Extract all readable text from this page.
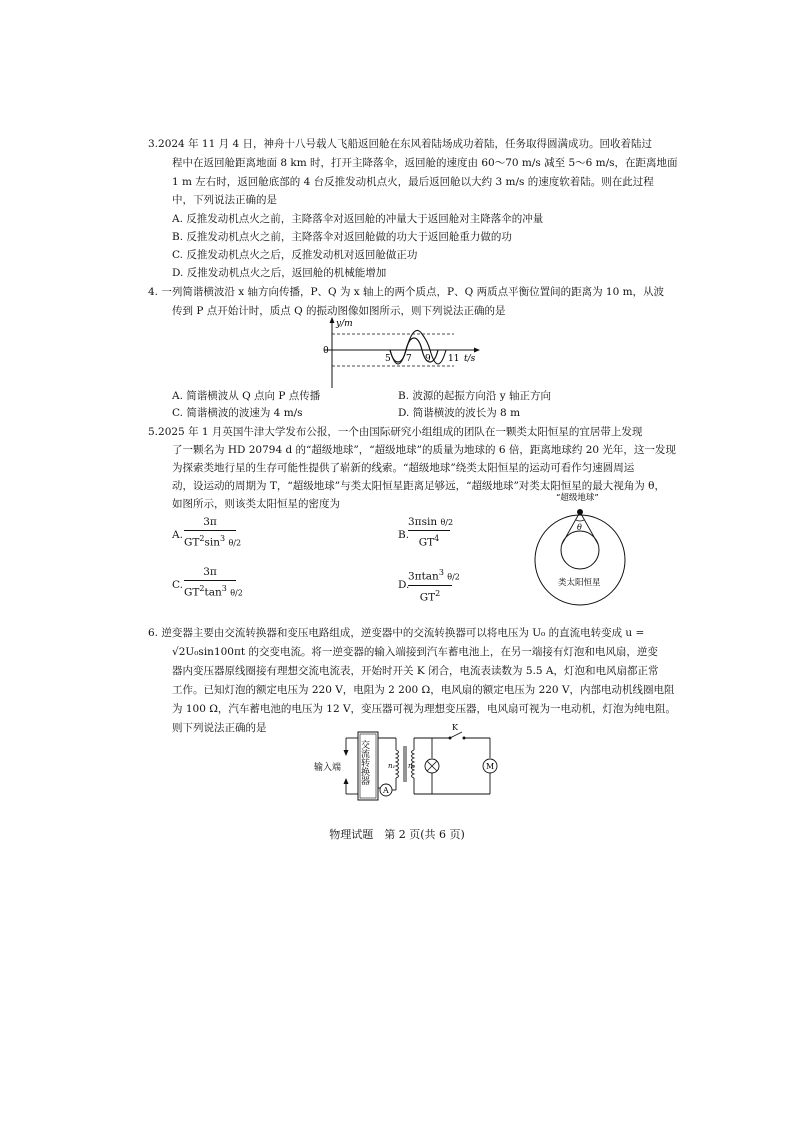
3.2024 年 11 月 4 日，神舟十八号载人飞船返回舱在东风着陆场成功着陆，任务取得圆满成功。回收着陆过
程中在返回舱距离地面 8 km 时，打开主降落伞，返回舱的速度由 60～70 m/s 减至 5～6 m/s，在距离地面
1 m 左右时，返回舱底部的 4 台反推发动机点火，最后返回舱以大约 3 m/s 的速度软着陆。则在此过程
中，下列说法正确的是
A. 反推发动机点火之前，主降落伞对返回舱的冲量大于返回舱对主降落伞的冲量
B. 反推发动机点火之前，主降落伞对返回舱做的功大于返回舱重力做的功
C. 反推发动机点火之后，反推发动机对返回舱做正功
D. 反推发动机点火之后，返回舱的机械能增加
4. 一列简谐横波沿 x 轴方向传播，P、Q 为 x 轴上的两个质点，P、Q 两质点平衡位置间的距离为 10 m，从波
传到 P 点开始计时，质点 Q 的振动图像如图所示，则下列说法正确的是
y/m
0
t/s
5 7 9 11
A. 简谐横波从 Q 点向 P 点传播	B. 波源的起振方向沿 y 轴正方向
C. 简谐横波的波速为 4 m/s	D. 简谐横波的波长为 8 m
5.2025 年 1 月英国牛津大学发布公报，一个由国际研究小组组成的团队在一颗类太阳恒星的宜居带上发现
了一颗名为 HD 20794 d 的“超级地球”，“超级地球”的质量为地球的 6 倍，距离地球约 20 光年，这一发现
为探索类地行星的生存可能性提供了崭新的线索。“超级地球”绕类太阳恒星的运动可看作匀速圆周运
动，设运动的周期为 T，“超级地球”与类太阳恒星距离足够远，“超级地球”对类太阳恒星的最大视角为 θ，
如图所示，则该类太阳恒星的密度为
A.
3π
$GT^2\sin^3$ θ/2
B.
3πsin θ/2
$GT^4$
C.
3π
$GT^2\tan^3$ θ/2
D.
3πtan$^3$ θ/2
$GT^2$
“超级地球”
θ
类太阳恒星
6. 逆变器主要由交流转换器和变压电路组成，逆变器中的交流转换器可以将电压为 U₀ 的直流电转变成 u =
√2U₀sin100πt 的交变电流。将一逆变器的输入端接到汽车蓄电池上，在另一端接有灯泡和电风扇，逆变
器内变压器原线圈接有理想交流电流表，开始时开关 K 闭合，电流表读数为 5.5 A，灯泡和电风扇都正常
工作。已知灯泡的额定电压为 220 V，电阻为 2 200 Ω，电风扇的额定电压为 220 V，内部电动机线圈电阻
为 100 Ω，汽车蓄电池的电压为 12 V，变压器可视为理想变压器，电风扇可视为一电动机，灯泡为纯电阻。
则下列说法正确的是
输入端 交流转换器
A
n₁ n₂
K
M
物理试题　第 2 页(共 6 页)
